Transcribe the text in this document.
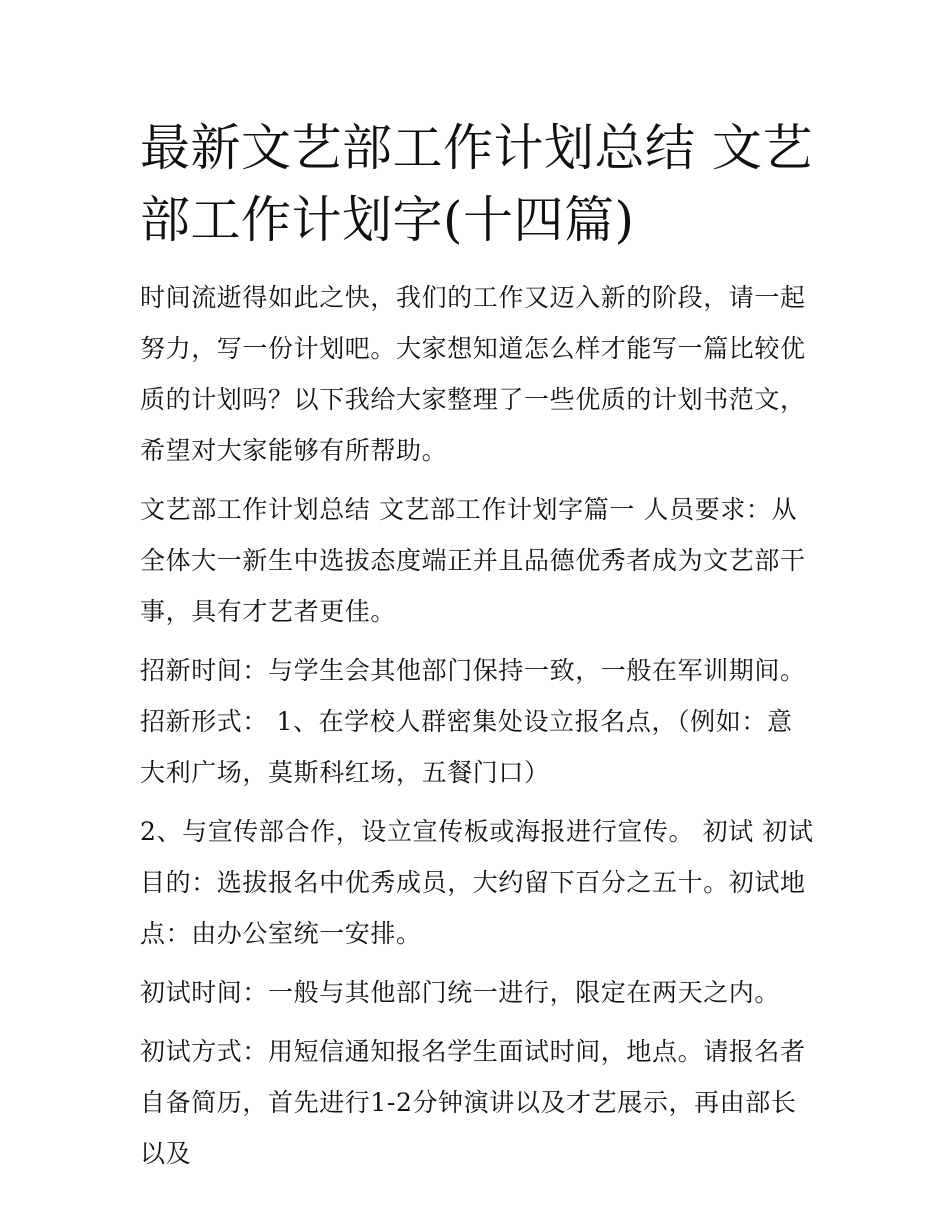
最新文艺部工作计划总结 文艺部工作计划字(十四篇)

时间流逝得如此之快，我们的工作又迈入新的阶段，请一起努力，写一份计划吧。大家想知道怎么样才能写一篇比较优质的计划吗？以下我给大家整理了一些优质的计划书范文，希望对大家能够有所帮助。

文艺部工作计划总结 文艺部工作计划字篇一 人员要求：从全体大一新生中选拔态度端正并且品德优秀者成为文艺部干事，具有才艺者更佳。

招新时间：与学生会其他部门保持一致，一般在军训期间。招新形式： 1、在学校人群密集处设立报名点，（例如：意大利广场，莫斯科红场，五餐门口）

2、与宣传部合作，设立宣传板或海报进行宣传。 初试 初试目的：选拔报名中优秀成员，大约留下百分之五十。初试地点：由办公室统一安排。

初试时间：一般与其他部门统一进行，限定在两天之内。

初试方式：用短信通知报名学生面试时间，地点。请报名者自备简历，首先进行1-2分钟演讲以及才艺展示，再由部长以及
